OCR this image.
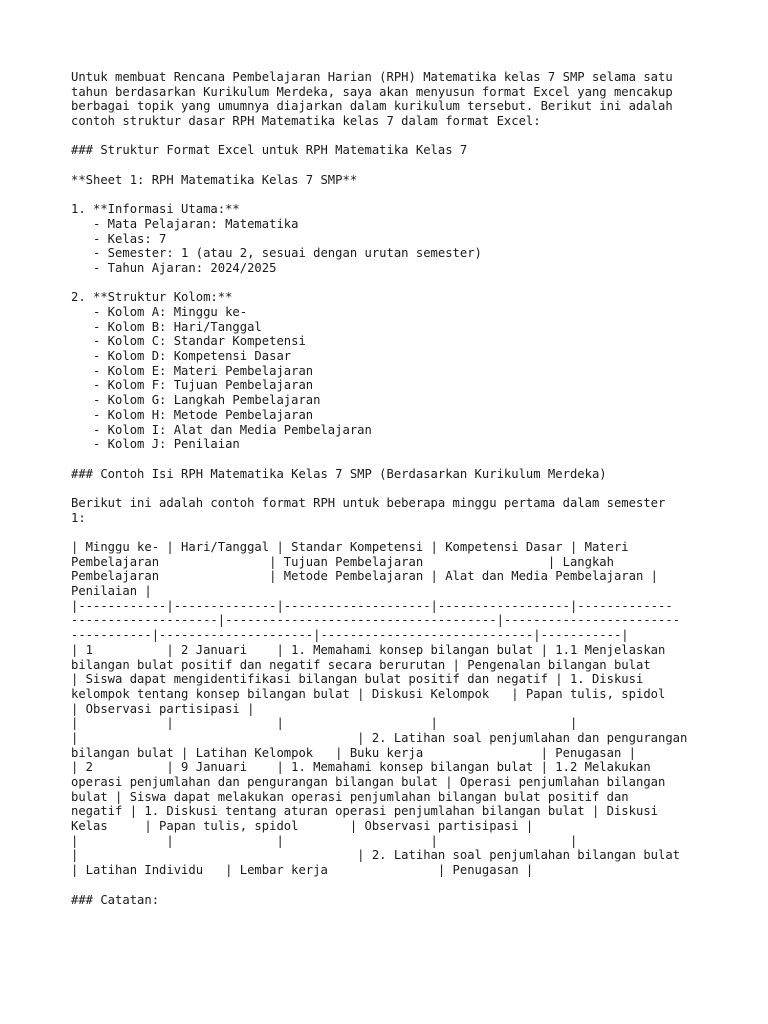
Untuk membuat Rencana Pembelajaran Harian (RPH) Matematika kelas 7 SMP selama satu
tahun berdasarkan Kurikulum Merdeka, saya akan menyusun format Excel yang mencakup
berbagai topik yang umumnya diajarkan dalam kurikulum tersebut. Berikut ini adalah
contoh struktur dasar RPH Matematika kelas 7 dalam format Excel:
### Struktur Format Excel untuk RPH Matematika Kelas 7
**Sheet 1: RPH Matematika Kelas 7 SMP**
1. **Informasi Utama:**
- Mata Pelajaran: Matematika
- Kelas: 7
- Semester: 1 (atau 2, sesuai dengan urutan semester)
- Tahun Ajaran: 2024/2025
2. **Struktur Kolom:**
- Kolom A: Minggu ke-
- Kolom B: Hari/Tanggal
- Kolom C: Standar Kompetensi
- Kolom D: Kompetensi Dasar
- Kolom E: Materi Pembelajaran
- Kolom F: Tujuan Pembelajaran
- Kolom G: Langkah Pembelajaran
- Kolom H: Metode Pembelajaran
- Kolom I: Alat dan Media Pembelajaran
- Kolom J: Penilaian
### Contoh Isi RPH Matematika Kelas 7 SMP (Berdasarkan Kurikulum Merdeka)
Berikut ini adalah contoh format RPH untuk beberapa minggu pertama dalam semester
1:
| Minggu ke- | Hari/Tanggal | Standar Kompetensi | Kompetensi Dasar | Materi
Pembelajaran               | Tujuan Pembelajaran                 | Langkah
Pembelajaran               | Metode Pembelajaran | Alat dan Media Pembelajaran |
Penilaian |
|------------|--------------|--------------------|------------------|-------------
--------------------|-------------------------------------|------------------------
-----------|---------------------|-----------------------------|-----------|
| 1          | 2 Januari    | 1. Memahami konsep bilangan bulat | 1.1 Menjelaskan
bilangan bulat positif dan negatif secara berurutan | Pengenalan bilangan bulat
| Siswa dapat mengidentifikasi bilangan bulat positif dan negatif | 1. Diskusi
kelompok tentang konsep bilangan bulat | Diskusi Kelompok   | Papan tulis, spidol
| Observasi partisipasi |
|            |              |                    |                  |
|                                      | 2. Latihan soal penjumlahan dan pengurangan
bilangan bulat | Latihan Kelompok   | Buku kerja                | Penugasan |
| 2          | 9 Januari    | 1. Memahami konsep bilangan bulat | 1.2 Melakukan
operasi penjumlahan dan pengurangan bilangan bulat | Operasi penjumlahan bilangan
bulat | Siswa dapat melakukan operasi penjumlahan bilangan bulat positif dan
negatif | 1. Diskusi tentang aturan operasi penjumlahan bilangan bulat | Diskusi
Kelas     | Papan tulis, spidol       | Observasi partisipasi |
|            |              |                    |                  |
|                                      | 2. Latihan soal penjumlahan bilangan bulat
| Latihan Individu   | Lembar kerja               | Penugasan |
### Catatan:
